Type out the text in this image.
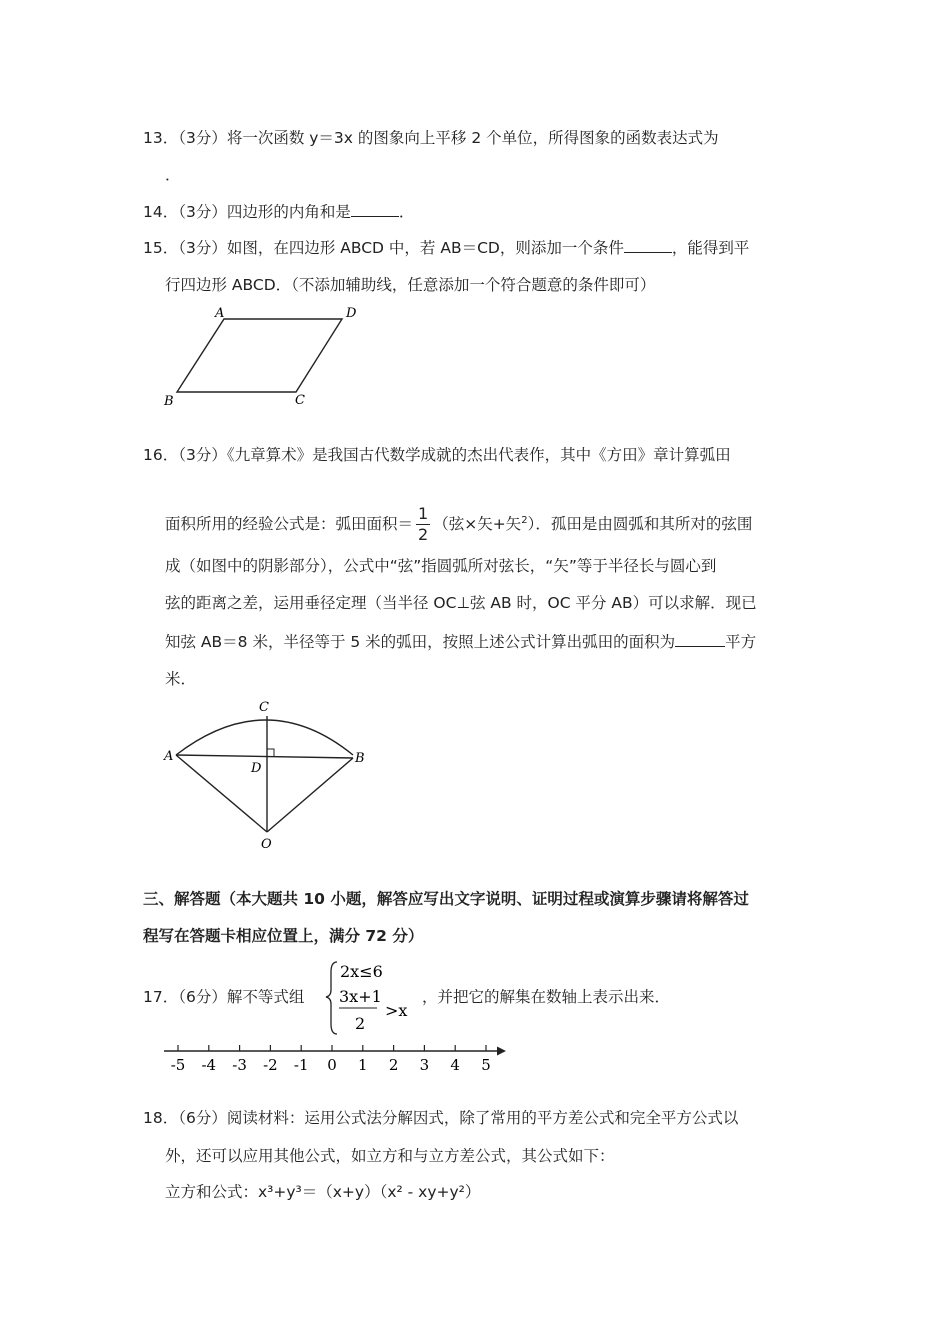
13．（3分）将一次函数 y＝3x 的图象向上平移 2 个单位，所得图象的函数表达式为
．
14．（3分）四边形的内角和是	．
15．（3分）如图，在四边形 ABCD 中，若 AB＝CD，则添加一个条件	，能得到平
行四边形 ABCD．（不添加辅助线，任意添加一个符合题意的条件即可）
A	D
B	C
16．（3分）《九章算术》是我国古代数学成就的杰出代表作，其中《方田》章计算弧田
面积所用的经验公式是：弧田面积＝ $\frac{1}{2}$ （弦×矢+矢$^2$）．孤田是由圆弧和其所对的弦围
成（如图中的阴影部分），公式中“弦”指圆弧所对弦长，“矢”等于半径长与圆心到
弦的距离之差，运用垂径定理（当半径 OC⊥弦 AB 时，OC 平分 AB）可以求解．现已
知弦 AB＝8 米，半径等于 5 米的弧田，按照上述公式计算出弧田的面积为	平方
米．
C
A	B
D
O
三、解答题（本大题共 10 小题，解答应写出文字说明、证明过程或演算步骤请将解答过
程写在答题卡相应位置上，满分 72 分）
17．（6分）解不等式组
2x≤6
3x+1
2
>x
，并把它的解集在数轴上表示出来．
-5 -4 -3 -2 -1 0 1 2 3 4 5
18．（6分）阅读材料：运用公式法分解因式，除了常用的平方差公式和完全平方公式以
外，还可以应用其他公式，如立方和与立方差公式，其公式如下：
立方和公式：x³+y³＝（x+y）（x² - xy+y²）
